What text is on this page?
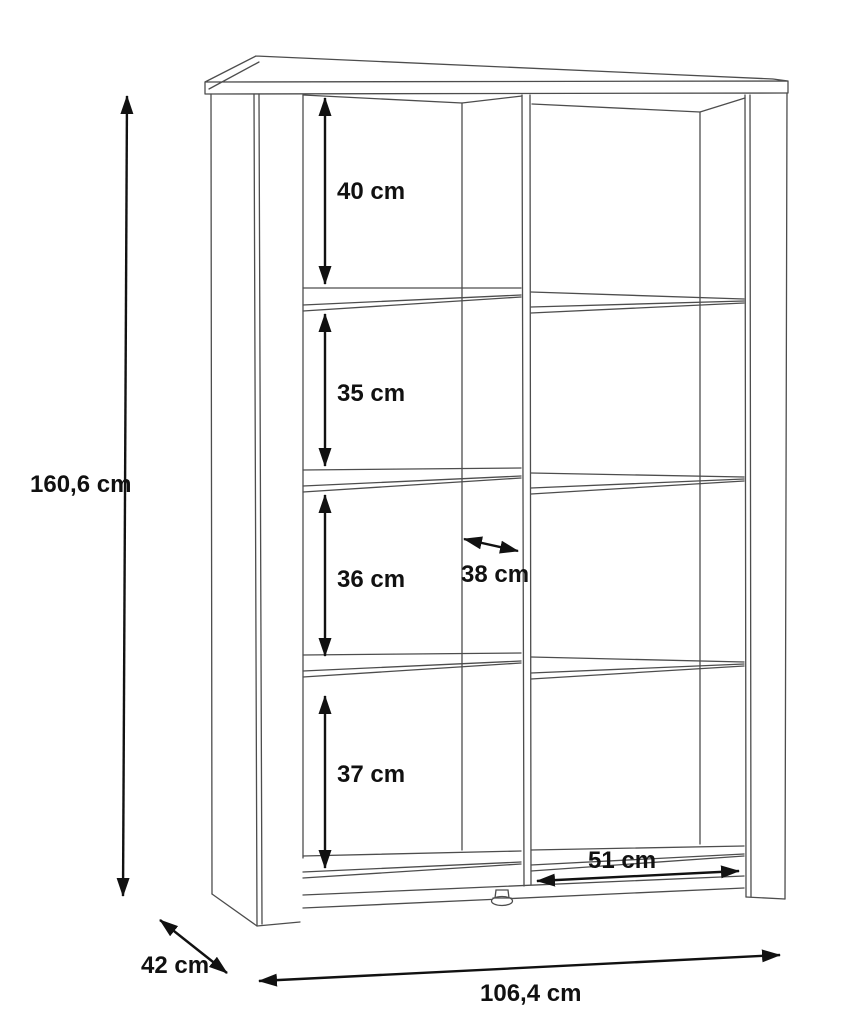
160,6 cm
40 cm
35 cm
36 cm
37 cm
38 cm
51 cm
42 cm
106,4 cm
